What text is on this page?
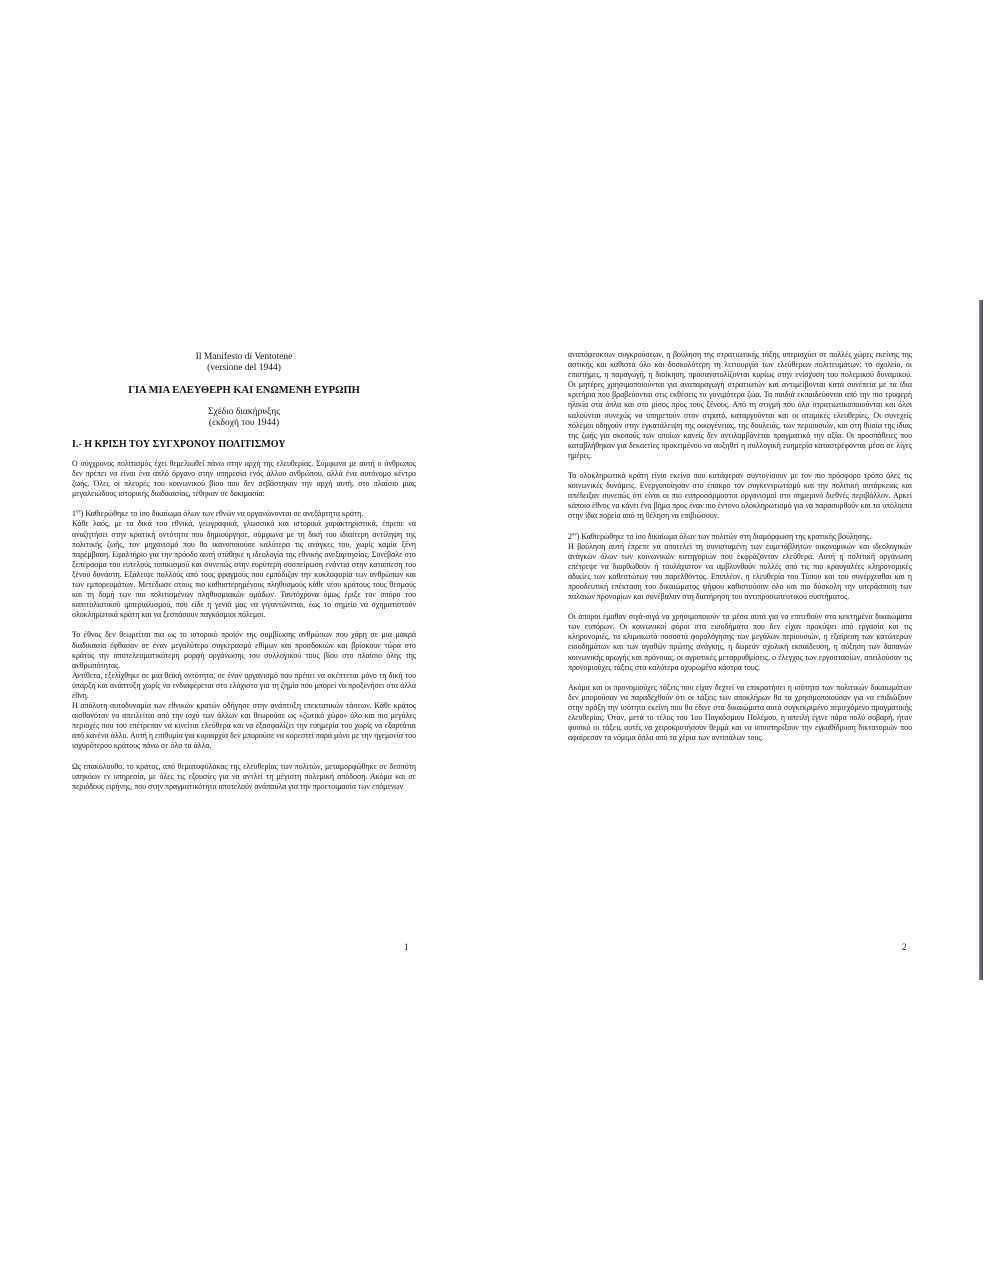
Il Manifesto di Ventotene

(versione del 1944)

ΓΙΑ ΜΙΑ ΕΛΕΥΘΕΡΗ ΚΑΙ ΕΝΩΜΕΝΗ ΕΥΡΩΠΗ

Σχέδιο διακήρυξης

(εκδοχή του 1944)

I.- Η ΚΡΙΣΗ ΤΟΥ ΣΥΓΧΡΟΝΟΥ ΠΟΛΙΤΙΣΜΟΥ

Ο σύγχρονος πολιτισμός έχει θεμελιωθεί πάνω στην αρχή της ελευθερίας. Σύμφωνα με αυτή ο άνθρωπος δεν πρέπει να είναι ένα απλό όργανο στην υπηρεσία ενός άλλου ανθρώπου, αλλά ένα αυτόνομο κέντρο ζωής. Όλες οι πλευρές του κοινωνικού βίου που δεν σεβάστηκαν την αρχή αυτή, στο πλαίσιο μιας μεγαλειώδους ιστορικής διαδικασίας, τέθηκαν σε δοκιμασία:

$1^{o\nu}$) Καθιερώθηκε το ίσο δικαίωμα όλων των εθνών να οργανώνονται σε ανεξάρτητα κράτη.
Κάθε λαός, με τα δικά του εθνικά, γεωγραφικά, γλωσσικά και ιστορικά χαρακτηριστικά, έπρεπε να αναζητήσει στην κρατική οντότητα που δημιούργησε, σύμφωνα με τη δική του ιδιαίτερη αντίληψη της πολιτικής ζωής, τον μηχανισμό που θα ικανοποιούσε καλύτερα τις ανάγκες του, χωρίς καμία ξένη παρέμβαση. Εφαλτήριο για την πρόοδο αυτή στάθηκε η ιδεολογία της εθνικής ανεξαρτησίας. Συνέβαλε στο ξεπέρασμα του ευτελούς τοπικισμού και συνεπώς στην ευρύτερη συσπείρωση ενάντια στην καταπίεση του ξένου δυνάστη. Εξάλειψε πολλούς από τους φραγμούς που εμπόδιζαν την κυκλοφορία των ανθρώπων και των εμπορευμάτων. Μετέδωσε στους πιο καθυστερημένους πληθυσμούς κάθε νέου κράτους τους θεσμούς και τη δομή των πιο πολιτισμένων πληθυσμιακών ομάδων. Ταυτόχρονα όμως έριξε τον σπόρο του καπιταλιστικού ιμπεριαλισμού, που είδε η γενιά μας να γιγαντώνεται, έως το σημείο να σχηματιστούν ολοκληρωτικά κράτη και να ξεσπάσουν παγκόσμιοι πόλεμοι.

Το έθνος δεν θεωρείται πια ως το ιστορικό προϊόν της συμβίωσης ανθρώπων που χάρη σε μια μακρά διαδικασία έφθασαν σε έναν μεγαλύτερο συγκερασμό εθίμων και προσδοκιών και βρίσκουν τώρα στο κράτος την αποτελεσματικότερη μορφή οργάνωσης του συλλογικού τους βίου στο πλαίσιο όλης της ανθρωπότητας.
Αντίθετα, εξελίχθηκε σε μια θεϊκή οντότητα, σε έναν οργανισμό που πρέπει να σκέπτεται μόνο τη δική του ύπαρξη και ανάπτυξη χωρίς να ενδιαφέρεται στο ελάχιστο για τη ζημία που μπορεί να προξενήσει στα άλλα έθνη.
Η απόλυτη αυτοδυναμία των εθνικών κρατών οδήγησε στην ανάπτυξη επεκτατικών τάσεων. Κάθε κράτος αισθανόταν να απειλείται από την ισχύ των άλλων και θεωρούσε ως «ζωτικό χώρο» όλο και πιο μεγάλες περιοχές που του επέτρεπαν να κινείται ελεύθερα και να εξασφαλίζει την ευημερία του χωρίς να εξαρτάται από κανένα άλλο. Αυτή η επιθυμία για κυριαρχία δεν μπορούσε να κορεστεί παρά μόνο με την ηγεμονία του ισχυρότερου κράτους πάνω σε όλα τα άλλα.

Ως επακόλουθο, το κράτος, από θεματοφύλακας της ελευθερίας των πολιτών, μεταμορφώθηκε σε δεσπότη υπηκόων εν υπηρεσία, με όλες τις εξουσίες για να αντλεί τη μέγιστη πολεμική απόδοση. Ακόμα και σε περιόδους ειρήνης, που στην πραγματικότητα αποτελούν ανάπαυλα για την προετοιμασία των επόμενων

1

αναπόφευκτων συγκρούσεων, η βούληση της στρατιωτικής τάξης υπερισχύει σε πολλές χώρες εκείνης της αστικής και καθιστά όλο και δυσκολότερη τη λειτουργία των ελεύθερων πολιτευμάτων: το σχολείο, οι επιστήμες, η παραγωγή, η διοίκηση, προσανατολίζονται κυρίως στην ενίσχυση του πολεμικού δυναμικού. Οι μητέρες χρησιμοποιούνται για αναπαραγωγή στρατιωτών και αντιμείβονται κατά συνέπεια με τα ίδια κριτήρια που βραβεύονται στις εκθέσεις τα γονιμότερα ζώα. Τα παιδιά εκπαιδεύονται από την πιο τρυφερή ηλικία στα όπλα και στο μίσος προς τους ξένους. Από τη στιγμή που όλα στρατιωτικοποιούνται και όλοι καλούνται συνεχώς να υπηρετούν στον στρατό, καταργούνται και οι ατομικές ελευθερίες. Οι συνεχείς πόλεμοι οδηγούν στην εγκατάλειψη της οικογένειας, της δουλειάς, των περιουσιών, και στη θυσία της ίδιας της ζωής για σκοπούς των οποίων κανείς δεν αντιλαμβάνεται πραγματικά την αξία. Οι προσπάθειες που καταβλήθηκαν για δεκαετίες προκειμένου να αυξηθεί η συλλογική ευημερία καταστρέφονται μέσα σε λίγες ημέρες.

Τα ολοκληρωτικά κράτη είναι εκείνα που κατάφεραν συντονίσουν με τον πιο πρόσφορο τρόπο όλες τις κοινωνικές δυνάμεις. Ενεργοποίησαν στο έπακρο τον συγκεντρωτισμό και την πολιτική αυτάρκειας και απέδειξαν συνεπώς ότι είναι οι πιο ευπροσάρμοστοι οργανισμοί στο σημερινό διεθνές περιβάλλον. Αρκεί κάποιο έθνος να κάνει ένα βήμα προς έναν πιο έντονο ολοκληρωτισμό για να παρασυρθούν και τα υπόλοιπα στην ίδια πορεία από τη θέληση να επιβιώσουν.

$2^{o\nu}$) Καθιερώθηκε το ίσο δικαίωμα όλων των πολιτών στη διαμόρφωση της κρατικής βούλησης.
Η βούληση αυτή έπρεπε να αποτελεί τη συνισταμένη των ευμετάβλητων οικονομικών και ιδεολογικών αναγκών όλων των κοινωνικών κατηγοριών που εκφράζονταν ελεύθερα. Αυτή η πολιτική οργάνωση επέτρεψε να διορθωθούν ή τουλάχιστον να αμβλυνθούν πολλές από τις πιο κραυγαλέες κληρονομικές αδικίες των καθεστώτων του παρελθόντος. Επιπλέον, η ελευθερία του Τύπου και του συνέρχεσθαι και η προοδευτική επέκταση του δικαιώματος ψήφου καθιστούσαν όλο και πιο δύσκολη την υπεράσπιση των παλαιών προνομίων και συνέβαλαν στη διατήρηση του αντιπροσωπευτικού συστήματος.

Οι άποροι έμαθαν σιγά-σιγά να χρησιμοποιούν τα μέσα αυτά για να επιτεθούν στα κεκτημένα δικαιώματα των ευπόρων. Οι κοινωνικοί φόροι στα εισοδήματα που δεν είχαν προκύψει από εργασία και τις κληρονομιές, τα κλιμακωτά ποσοστά φορολόγησης των μεγάλων περιουσιών, η εξαίρεση των κατώτερων εισοδημάτων και των αγαθών πρώτης ανάγκης, η δωρεάν σχολική εκπαίδευση, η αύξηση των δαπανών κοινωνικής αρωγής και πρόνοιας, οι αγροτικές μεταρρυθμίσεις, ο έλεγχος των εργοστασίων, απειλούσαν τις προνομιούχες τάξεις στα καλύτερα οχυρωμένα κάστρα τους.

Ακόμα και οι προνομιούχες τάξεις που είχαν δεχτεί να επικρατήσει η ισότητα των πολιτικών δικαιωμάτων δεν μπορούσαν να παραδεχθούν ότι οι τάξεις των αποκλήρων θα τα χρησιμοποιούσαν για να επιδιώξουν στην πράξη την ισότητα εκείνη που θα έδινε στα δικαιώματα αυτά συγκεκριμένο περιεχόμενο πραγματικής ελευθερίας. Όταν, μετά το τέλος του 1ου Παγκόσμιου Πολέμου, η απειλή έγινε πάρα πολύ σοβαρή, ήταν φυσικό οι τάξεις αυτές να χειροκροτήσουν θερμά και να υποστηρίξουν την εγκαθίδρυση δικτατοριών που αφαίρεσαν τα νόμιμα όπλα από τα χέρια των αντιπάλων τους.

2
